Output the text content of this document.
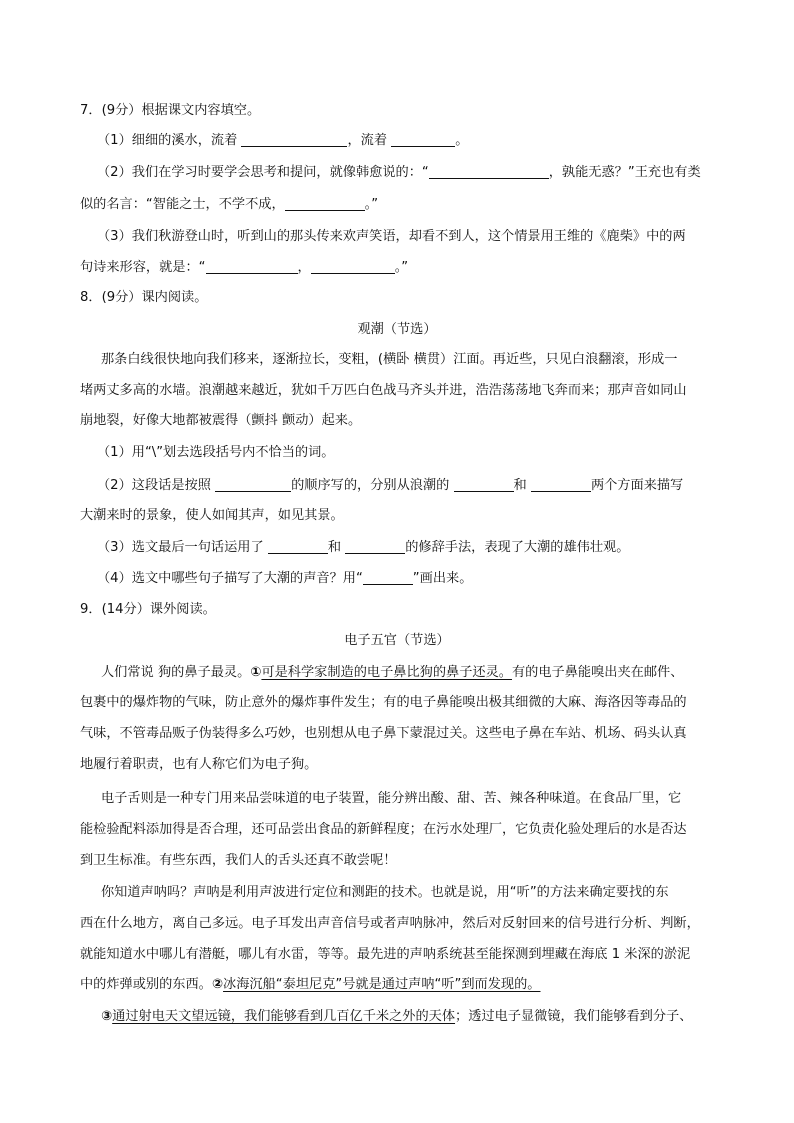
7．(9分）根据课文内容填空。
（1）细细的溪水，流着	，流着	。
（2）我们在学习时要学会思考和提问，就像韩愈说的：“	，孰能无惑？”王充也有类
似的名言：“智能之士，不学不成，	。”
（3）我们秋游登山时，听到山的那头传来欢声笑语，却看不到人，这个情景用王维的《鹿柴》中的两
句诗来形容，就是：“	，	。”
8．(9分）课内阅读。
观潮（节选）
那条白线很快地向我们移来，逐渐拉长，变粗，(横卧 横贯）江面。再近些，只见白浪翻滚，形成一
堵两丈多高的水墙。浪潮越来越近，犹如千万匹白色战马齐头并进，浩浩荡荡地飞奔而来；那声音如同山
崩地裂，好像大地都被震得（颤抖 颤动）起来。
（1）用“\”划去选段括号内不恰当的词。
（2）这段话是按照	的顺序写的，分别从浪潮的	和	两个方面来描写
大潮来时的景象，使人如闻其声，如见其景。
（3）选文最后一句话运用了	和	的修辞手法，表现了大潮的雄伟壮观。
（4）选文中哪些句子描写了大潮的声音？用“	”画出来。
9．(14分）课外阅读。
电子五官（节选）
人们常说 狗的鼻子最灵。①可是科学家制造的电子鼻比狗的鼻子还灵。有的电子鼻能嗅出夹在邮件、
包裹中的爆炸物的气味，防止意外的爆炸事件发生；有的电子鼻能嗅出极其细微的大麻、海洛因等毒品的
气味，不管毒品贩子伪装得多么巧妙，也别想从电子鼻下蒙混过关。这些电子鼻在车站、机场、码头认真
地履行着职责，也有人称它们为电子狗。
电子舌则是一种专门用来品尝味道的电子装置，能分辨出酸、甜、苦、辣各种味道。在食品厂里，它
能检验配料添加得是否合理，还可品尝出食品的新鲜程度；在污水处理厂，它负责化验处理后的水是否达
到卫生标准。有些东西，我们人的舌头还真不敢尝呢！
你知道声呐吗？声呐是利用声波进行定位和测距的技术。也就是说，用“听”的方法来确定要找的东
西在什么地方，离自己多远。电子耳发出声音信号或者声呐脉冲，然后对反射回来的信号进行分析、判断，
就能知道水中哪儿有潜艇，哪儿有水雷，等等。最先进的声呐系统甚至能探测到埋藏在海底 1 米深的淤泥
中的炸弹或别的东西。②冰海沉船“泰坦尼克”号就是通过声呐“听”到而发现的。
③通过射电天文望远镜，我们能够看到几百亿千米之外的天体；透过电子显微镜，我们能够看到分子、
